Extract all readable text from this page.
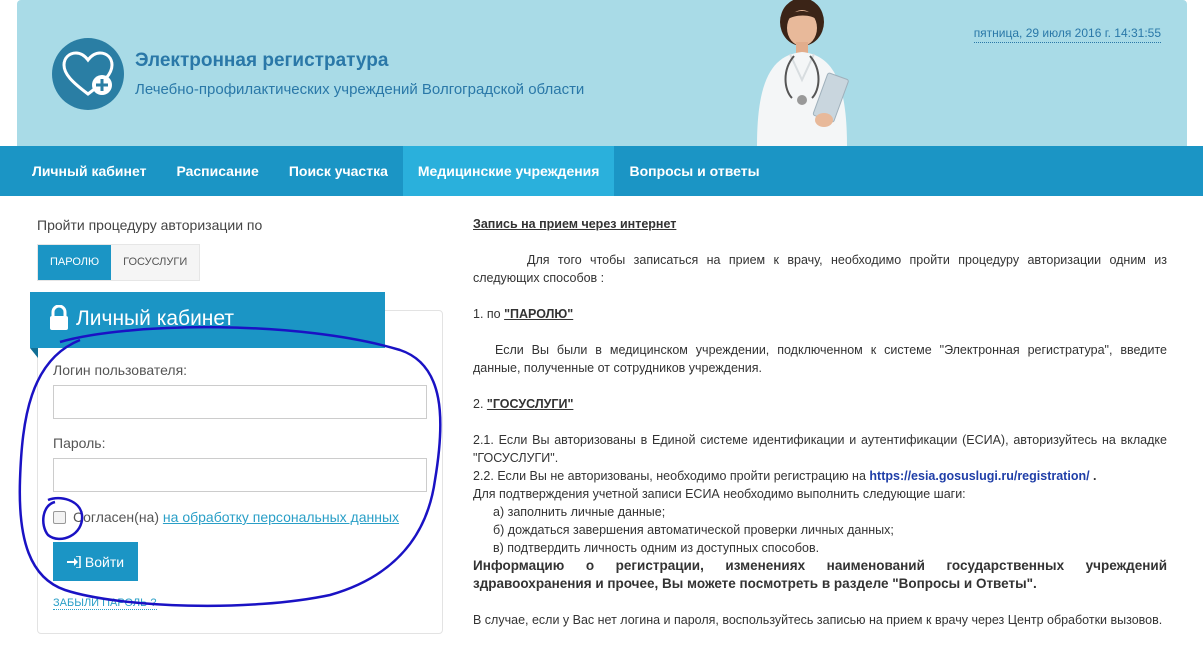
Электронная регистратура
Лечебно-профилактических учреждений Волгоградской области
пятница, 29 июля 2016 г. 14:31:55
Личный кабинет	Расписание	Поиск участка	Медицинские учреждения	Вопросы и ответы
Пройти процедуру авторизации по
ПАРОЛЮ	ГОСУСЛУГИ
Личный кабинет
Логин пользователя:
Пароль:
Согласен(на) на обработку персональных данных
Войти
ЗАБЫЛИ ПАРОЛЬ ?
Запись на прием через интернет
Для того чтобы записаться на прием к врачу, необходимо пройти процедуру авторизации одним из следующих способов :
1. по "ПАРОЛЮ"
Если Вы были в медицинском учреждении, подключенном к системе "Электронная регистратура", введите данные, полученные от сотрудников учреждения.
2. "ГОСУСЛУГИ"
2.1. Если Вы авторизованы в Единой системе идентификации и аутентификации (ЕСИА), авторизуйтесь на вкладке "ГОСУСЛУГИ".
2.2. Если Вы не авторизованы, необходимо пройти регистрацию на https://esia.gosuslugi.ru/registration/ .
Для подтверждения учетной записи ЕСИА необходимо выполнить следующие шаги:
а) заполнить личные данные;
б) дождаться завершения автоматической проверки личных данных;
в) подтвердить личность одним из доступных способов.
Информацию о регистрации, изменениях наименований государственных учреждений здравоохранения и прочее, Вы можете посмотреть в разделе "Вопросы и Ответы".
В случае, если у Вас нет логина и пароля, воспользуйтесь записью на прием к врачу через Центр обработки вызовов.
